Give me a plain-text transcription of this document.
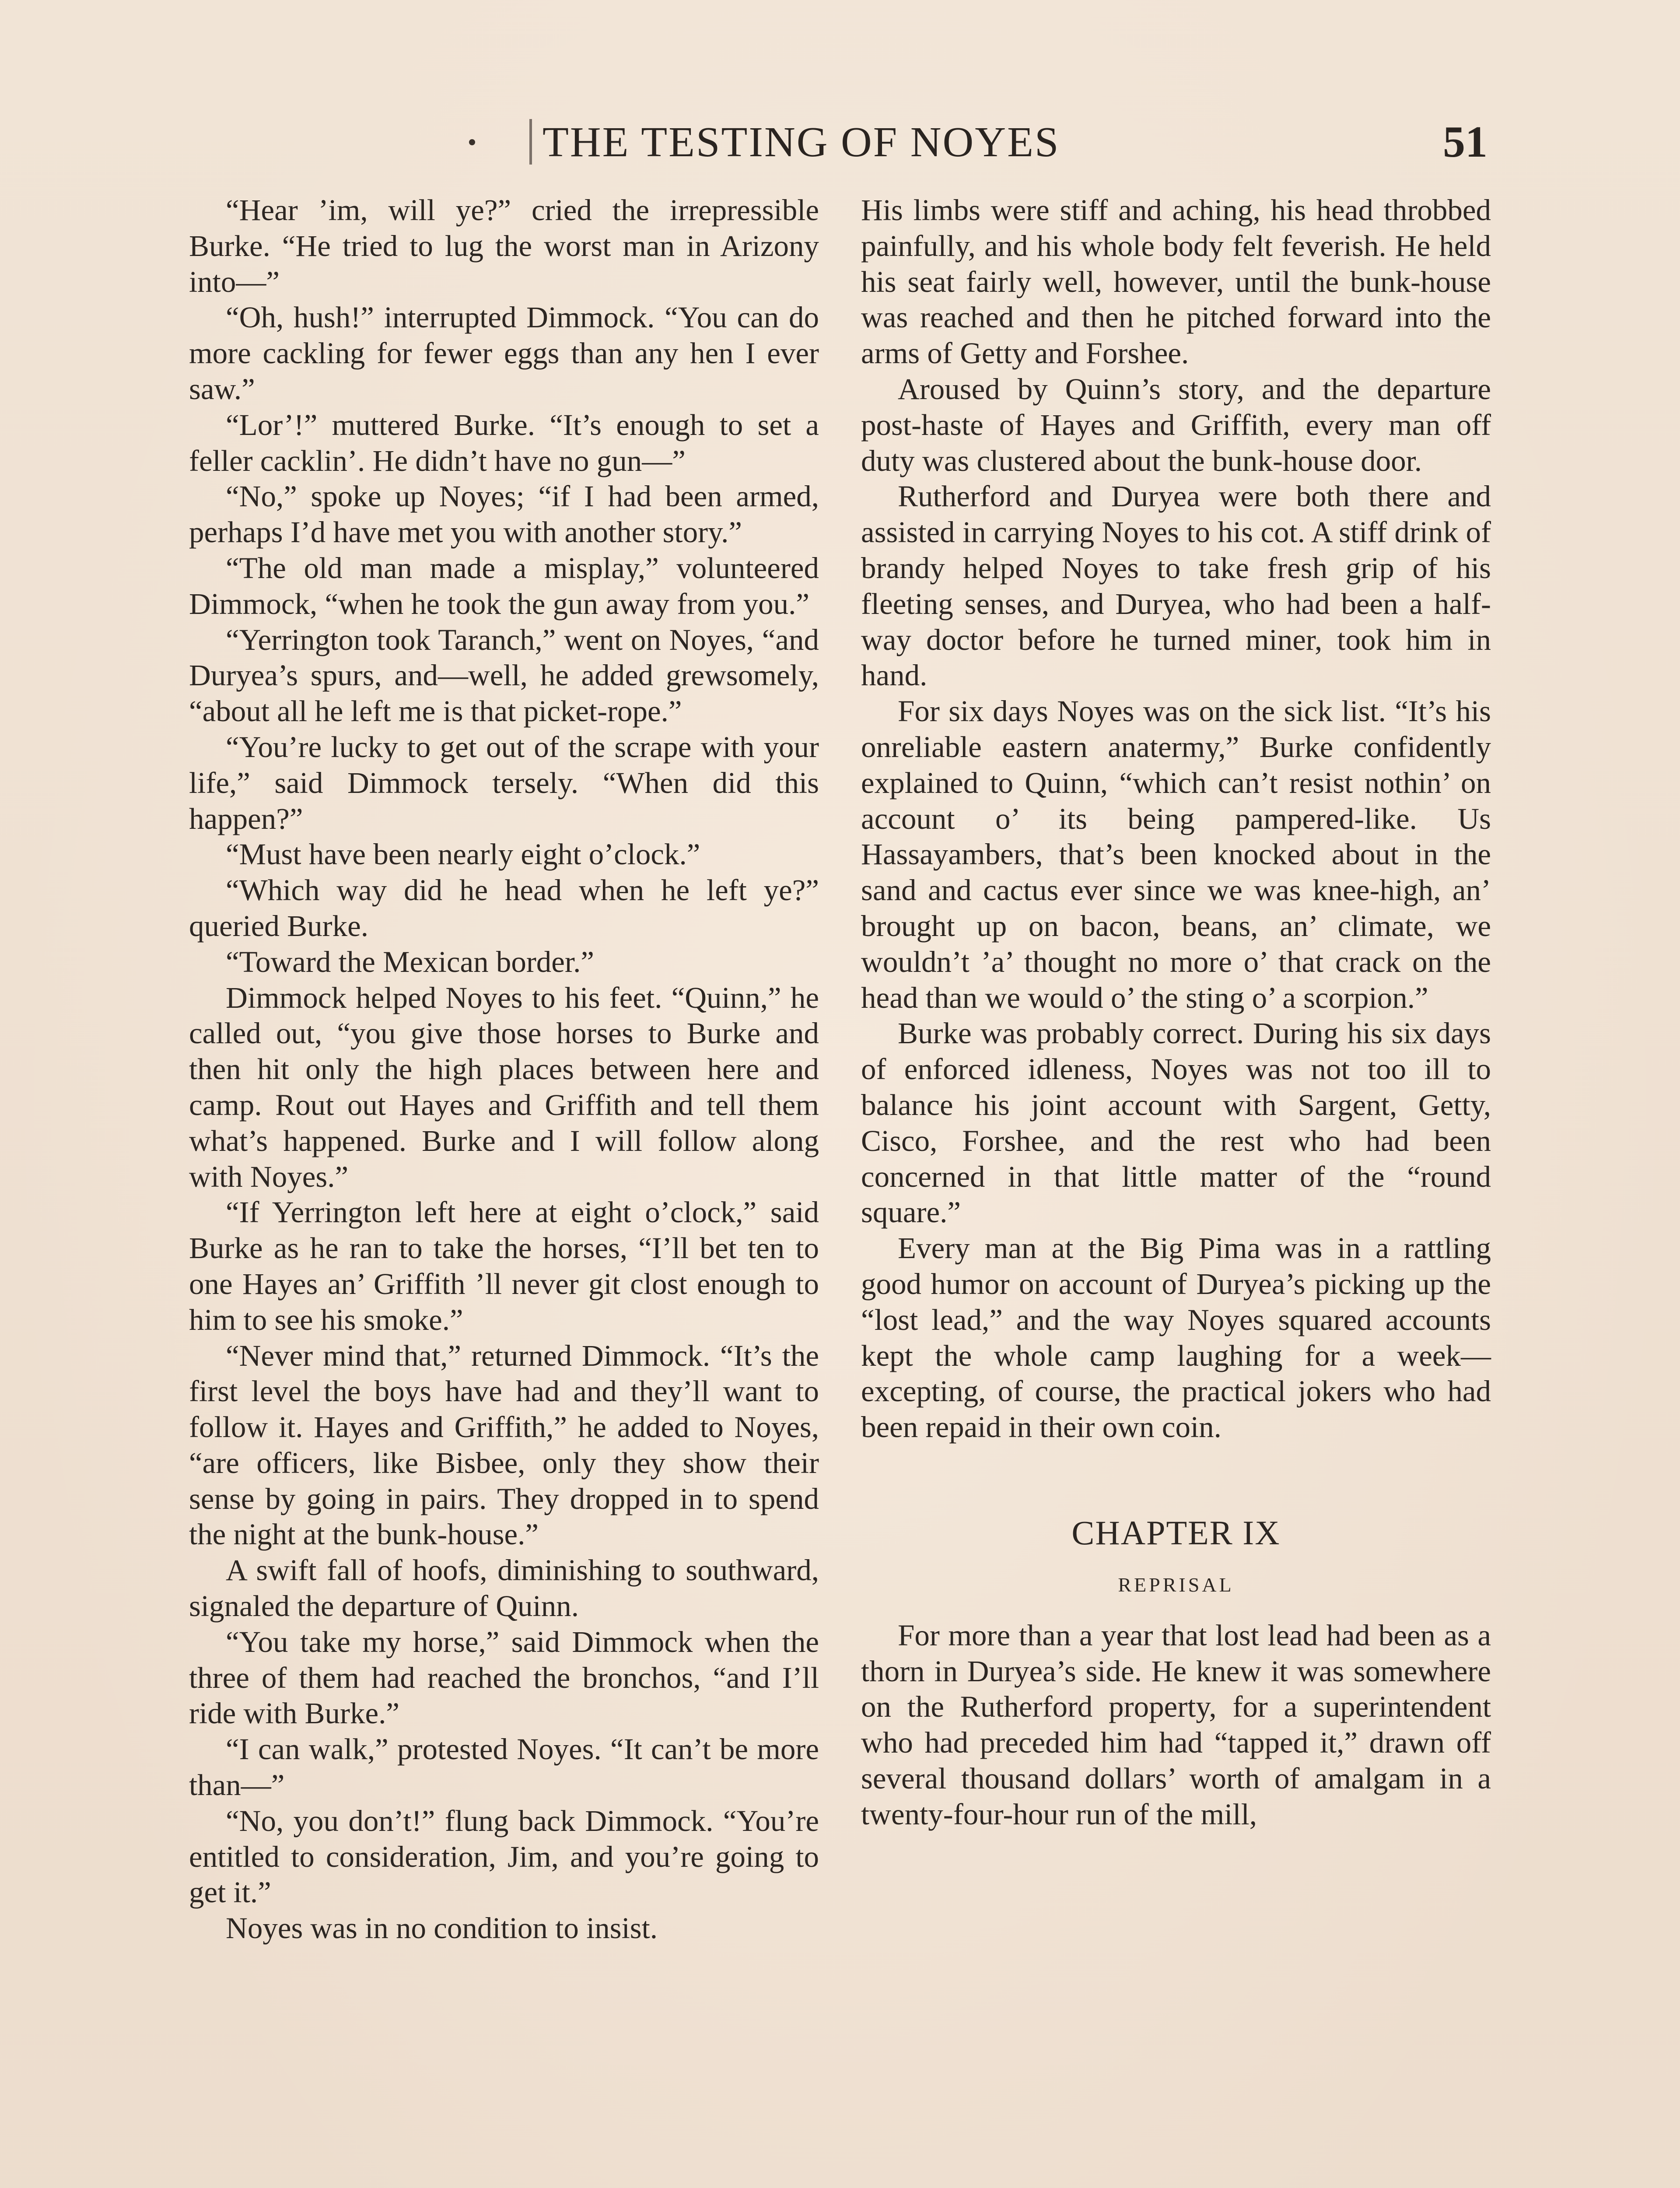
THE TESTING OF NOYES	51

“Hear ’im, will ye?” cried the irrepressible Burke. “He tried to lug the worst man in Arizony into—”

“Oh, hush!” interrupted Dimmock. “You can do more cackling for fewer eggs than any hen I ever saw.”

“Lor’!” muttered Burke. “It’s enough to set a feller cacklin’. He didn’t have no gun—”

“No,” spoke up Noyes; “if I had been armed, perhaps I’d have met you with another story.”

“The old man made a misplay,” volunteered Dimmock, “when he took the gun away from you.”

“Yerrington took Taranch,” went on Noyes, “and Duryea’s spurs, and—well, he added grewsomely, “about all he left me is that picket-rope.”

“You’re lucky to get out of the scrape with your life,” said Dimmock tersely. “When did this happen?”

“Must have been nearly eight o’clock.”

“Which way did he head when he left ye?” queried Burke.

“Toward the Mexican border.”

Dimmock helped Noyes to his feet. “Quinn,” he called out, “you give those horses to Burke and then hit only the high places between here and camp. Rout out Hayes and Griffith and tell them what’s happened. Burke and I will follow along with Noyes.”

“If Yerrington left here at eight o’clock,” said Burke as he ran to take the horses, “I’ll bet ten to one Hayes an’ Griffith ’ll never git clost enough to him to see his smoke.”

“Never mind that,” returned Dimmock. “It’s the first level the boys have had and they’ll want to follow it. Hayes and Griffith,” he added to Noyes, “are officers, like Bisbee, only they show their sense by going in pairs. They dropped in to spend the night at the bunk-house.”

A swift fall of hoofs, diminishing to southward, signaled the departure of Quinn.

“You take my horse,” said Dimmock when the three of them had reached the bronchos, “and I’ll ride with Burke.”

“I can walk,” protested Noyes. “It can’t be more than—”

“No, you don’t!” flung back Dimmock. “You’re entitled to consideration, Jim, and you’re going to get it.”

Noyes was in no condition to insist.

His limbs were stiff and aching, his head throbbed painfully, and his whole body felt feverish. He held his seat fairly well, however, until the bunk-house was reached and then he pitched forward into the arms of Getty and Forshee.

Aroused by Quinn’s story, and the departure post-haste of Hayes and Griffith, every man off duty was clustered about the bunk-house door.

Rutherford and Duryea were both there and assisted in carrying Noyes to his cot. A stiff drink of brandy helped Noyes to take fresh grip of his fleeting senses, and Duryea, who had been a half-way doctor before he turned miner, took him in hand.

For six days Noyes was on the sick list. “It’s his onreliable eastern anatermy,” Burke confidently explained to Quinn, “which can’t resist nothin’ on account o’ its being pampered-like. Us Hassayambers, that’s been knocked about in the sand and cactus ever since we was knee-high, an’ brought up on bacon, beans, an’ climate, we wouldn’t ’a’ thought no more o’ that crack on the head than we would o’ the sting o’ a scorpion.”

Burke was probably correct. During his six days of enforced idleness, Noyes was not too ill to balance his joint account with Sargent, Getty, Cisco, Forshee, and the rest who had been concerned in that little matter of the “round square.”

Every man at the Big Pima was in a rattling good humor on account of Duryea’s picking up the “lost lead,” and the way Noyes squared accounts kept the whole camp laughing for a week—excepting, of course, the practical jokers who had been repaid in their own coin.

CHAPTER IX
REPRISAL

For more than a year that lost lead had been as a thorn in Duryea’s side. He knew it was somewhere on the Rutherford property, for a superintendent who had preceded him had “tapped it,” drawn off several thousand dollars’ worth of amalgam in a twenty-four-hour run of the mill,
